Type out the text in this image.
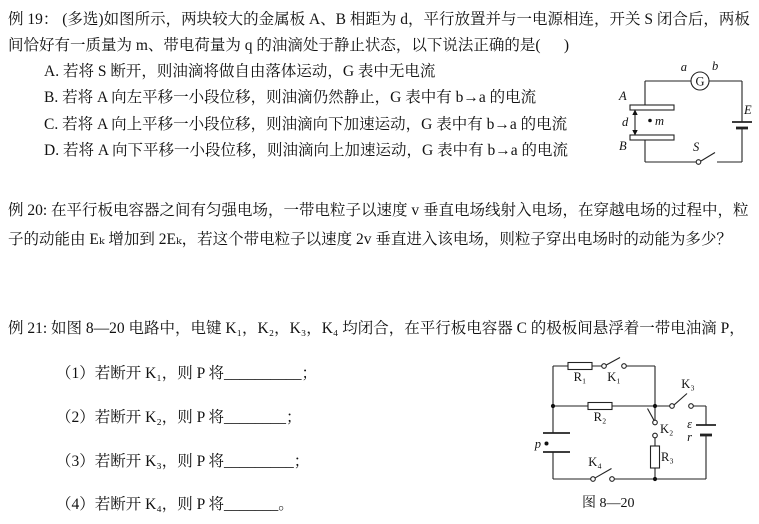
例 19： (多选)如图所示，两块较大的金属板 A、B 相距为 d，平行放置并与一电源相连，开关 S 闭合后，两板间恰好有一质量为 m、带电荷量为 q 的油滴处于静止状态，以下说法正确的是(      )
A. 若将 S 断开，则油滴将做自由落体运动，G 表中无电流
B. 若将 A 向左平移一小段位移，则油滴仍然静止，G 表中有 b→a 的电流
C. 若将 A 向上平移一小段位移，则油滴向下加速运动，G 表中有 b→a 的电流
D. 若将 A 向下平移一小段位移，则油滴向上加速运动，G 表中有 b→a 的电流
G
a b
E
S
A
B
d m
例 20: 在平行板电容器之间有匀强电场，一带电粒子以速度 v 垂直电场线射入电场，在穿越电场的过程中，粒子的动能由 Eₖ 增加到 2Eₖ，若这个带电粒子以速度 2v 垂直进入该电场，则粒子穿出电场时的动能为多少？
例 21: 如图 8—20 电路中，电键 K₁，K₂，K₃，K₄ 均闭合，在平行板电容器 C 的极板间悬浮着一带电油滴 P，
（1）若断开 K₁，则 P 将__________；
（2）若断开 K₂，则 P 将________；
（3）若断开 K₃，则 P 将_________；
（4）若断开 K₄，则 P 将_______。
R₁ K₁
R₂
K₃
K₂
R₃
K₄
ε
r
p
图 8—20
